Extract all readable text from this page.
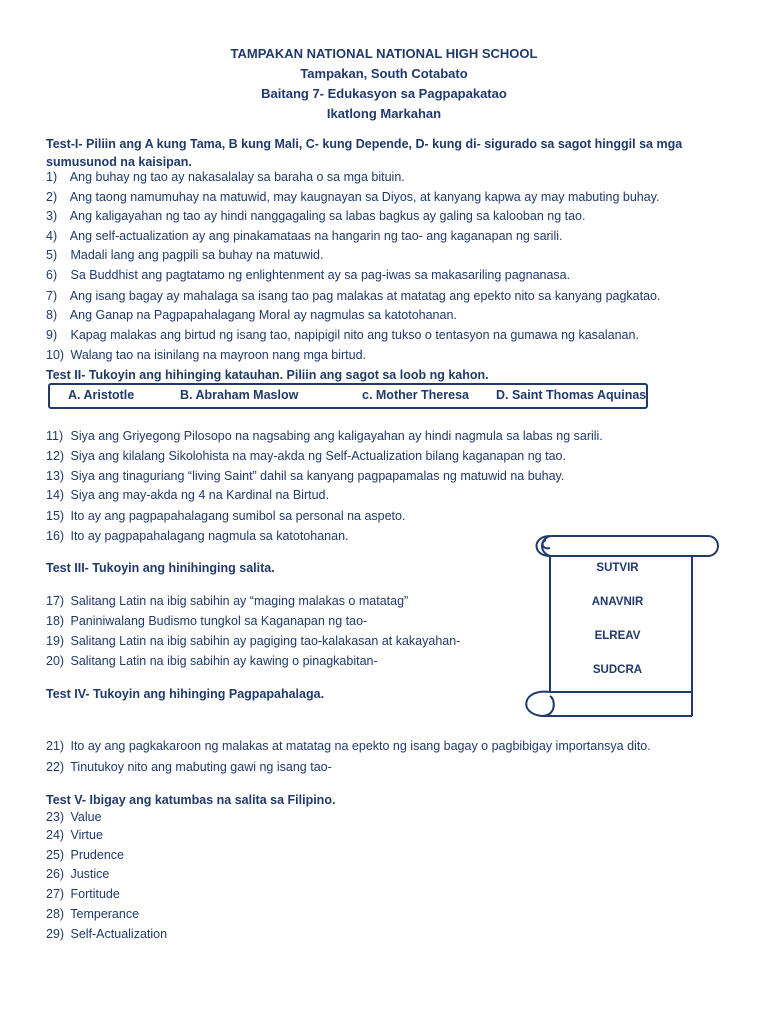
TAMPAKAN NATIONAL NATIONAL HIGH SCHOOL
Tampakan, South Cotabato
Baitang 7- Edukasyon sa Pagpapakatao
Ikatlong Markahan
Test-I- Piliin ang A kung Tama, B kung Mali, C- kung Depende, D- kung di- sigurado sa sagot hinggil sa mga sumusunod na kaisipan.
1) Ang buhay ng tao ay nakasalalay sa baraha o sa mga bituin.
2) Ang taong namumuhay na matuwid, may kaugnayan sa Diyos, at kanyang kapwa ay may mabuting buhay.
3) Ang kaligayahan ng tao ay hindi nanggagaling sa labas bagkus ay galing sa kalooban ng tao.
4) Ang self-actualization ay ang pinakamataas na hangarin ng tao- ang kaganapan ng sarili.
5) Madali lang ang pagpili sa buhay na matuwid.
6) Sa Buddhist ang pagtatamo ng enlightenment ay sa pag-iwas sa makasariling pagnanasa.
7) Ang isang bagay ay mahalaga sa isang tao pag malakas at matatag ang epekto nito sa kanyang pagkatao.
8) Ang Ganap na Pagpapahalagang Moral ay nagmulas sa katotohanan.
9) Kapag malakas ang birtud ng isang tao, napipigil nito ang tukso o tentasyon na gumawa ng kasalanan.
10) Walang tao na isinilang na mayroon nang mga birtud.
Test II- Tukoyin ang hihinging katauhan. Piliin ang sagot sa loob ng kahon.
A. Aristotle	B. Abraham Maslow	c. Mother Theresa D. Saint Thomas Aquinas
11) Siya ang Griyegong Pilosopo na nagsabing ang kaligayahan ay hindi nagmula sa labas ng sarili.
12) Siya ang kilalang Sikolohista na may-akda ng Self-Actualization bilang kaganapan ng tao.
13) Siya ang tinaguriang “living Saint” dahil sa kanyang pagpapamalas ng matuwid na buhay.
14) Siya ang may-akda ng 4 na Kardinal na Birtud.
15) Ito ay ang pagpapahalagang sumibol sa personal na aspeto.
16) Ito ay pagpapahalagang nagmula sa katotohanan.
Test III- Tukoyin ang hinihinging salita.
17) Salitang Latin na ibig sabihin ay “maging malakas o matatag”
18) Paniniwalang Budismo tungkol sa Kaganapan ng tao-
19) Salitang Latin na ibig sabihin ay pagiging tao-kalakasan at kakayahan-
20) Salitang Latin na ibig sabihin ay kawing o pinagkabitan-
SUTVIR
ANAVNIR
ELREAV
SUDCRA
Test IV- Tukoyin ang hihinging Pagpapahalaga.
21) Ito ay ang pagkakaroon ng malakas at matatag na epekto ng isang bagay o pagbibigay importansya dito.
22) Tinutukoy nito ang mabuting gawi ng isang tao-
Test V- Ibigay ang katumbas na salita sa Filipino.
23) Value
24) Virtue
25) Prudence
26) Justice
27) Fortitude
28) Temperance
29) Self-Actualization
